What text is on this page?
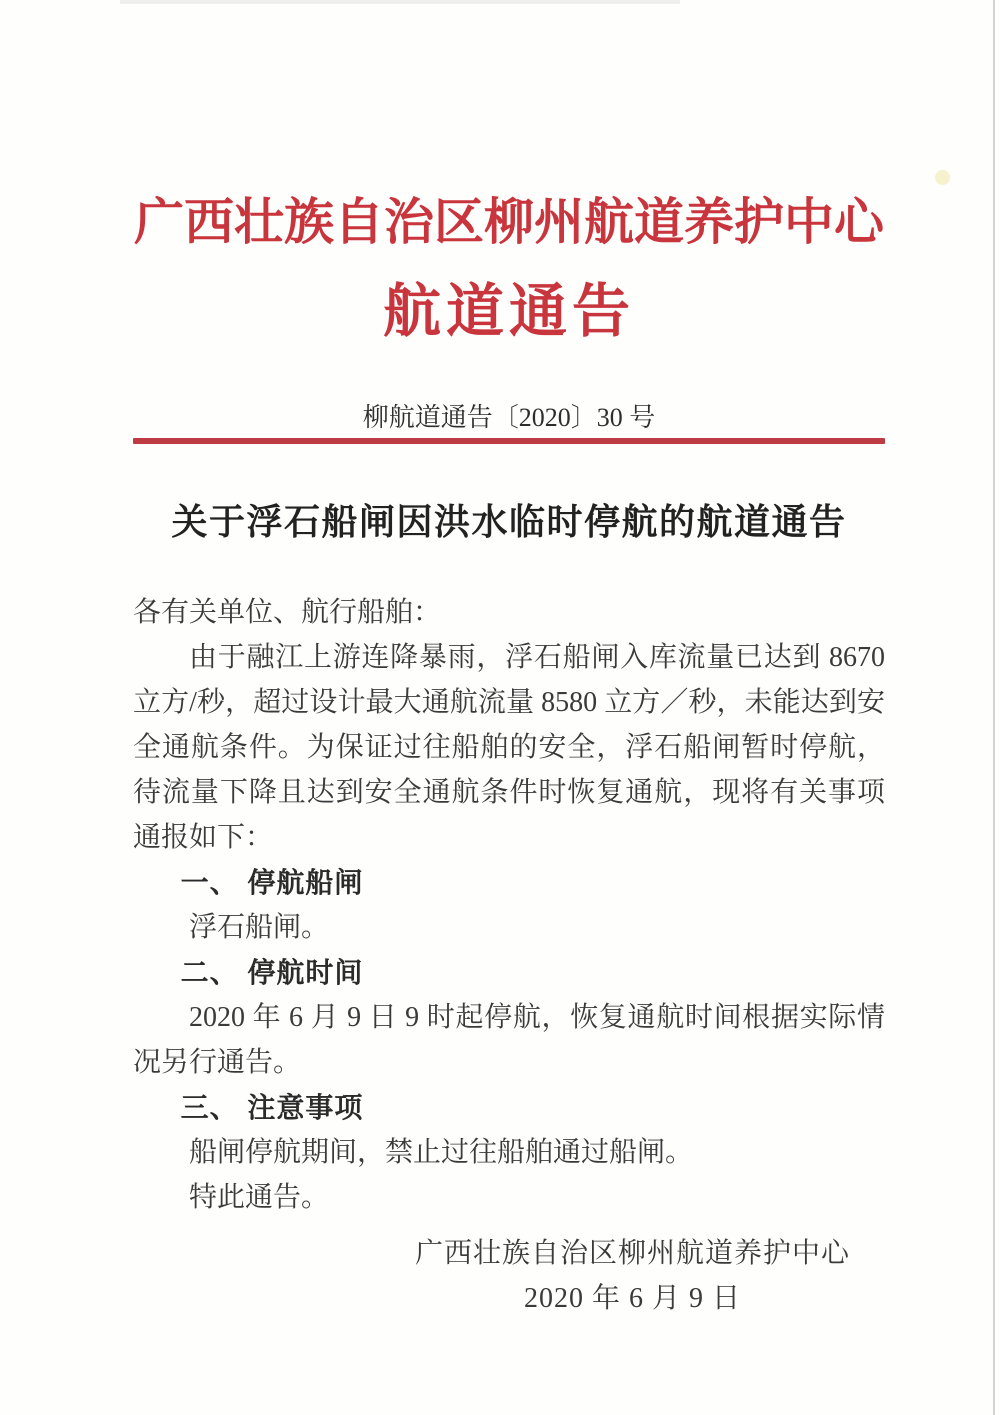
广西壮族自治区柳州航道养护中心
航道通告
柳航道通告〔2020〕30 号
关于浮石船闸因洪水临时停航的航道通告

各有关单位、航行船舶：

由于融江上游连降暴雨，浮石船闸入库流量已达到 8670 立方/秒，超过设计最大通航流量 8580 立方／秒，未能达到安全通航条件。为保证过往船舶的安全，浮石船闸暂时停航，待流量下降且达到安全通航条件时恢复通航，现将有关事项通报如下：

一、 停航船闸

浮石船闸。

二、 停航时间

2020 年 6 月 9 日 9 时起停航，恢复通航时间根据实际情况另行通告。

三、 注意事项

船闸停航期间，禁止过往船舶通过船闸。

特此通告。

广西壮族自治区柳州航道养护中心
2020 年 6 月 9 日
